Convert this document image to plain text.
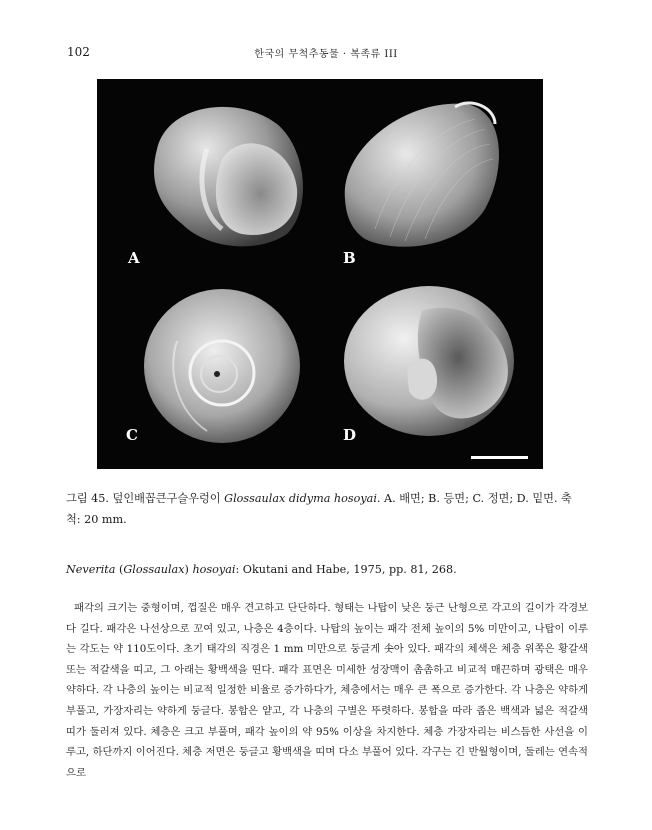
102	한국의 무척추동물 · 복족류 III
A	B
C	D
그림 45. 덮인배꼽큰구슬우렁이 Glossaulax didyma hosoyai. A. 배면; B. 등면; C. 정면; D. 밑면. 축척: 20 mm.
Neverita (Glossaulax) hosoyai: Okutani and Habe, 1975, pp. 81, 268.
패각의 크기는 중형이며, 껍질은 매우 견고하고 단단하다. 형태는 나탑이 낮은 둥근 난형으로 각고의 길이가 각경보다 길다. 패각은 나선상으로 꼬여 있고, 나층은 4층이다. 나탑의 높이는 패각 전체 높이의 5% 미만이고, 나탑이 이루는 각도는 약 110도이다. 초기 태각의 직경은 1 mm 미만으로 둥글게 솟아 있다. 패각의 체색은 체층 위쪽은 황갈색 또는 적갈색을 띠고, 그 아래는 황백색을 띤다. 패각 표면은 미세한 성장맥이 촘촘하고 비교적 매끈하며 광택은 매우 약하다. 각 나층의 높이는 비교적 일정한 비율로 증가하다가, 체층에서는 매우 큰 폭으로 증가한다. 각 나층은 약하게 부풀고, 가장자리는 약하게 둥글다. 봉합은 얕고, 각 나층의 구별은 뚜렷하다. 봉합을 따라 좁은 백색과 넓은 적갈색 띠가 둘러져 있다. 체층은 크고 부풀며, 패각 높이의 약 95% 이상을 차지한다. 체층 가장자리는 비스듬한 사선을 이루고, 하단까지 이어진다. 체층 저면은 둥글고 황백색을 띠며 다소 부풀어 있다. 각구는 긴 반월형이며, 둘레는 연속적으로
